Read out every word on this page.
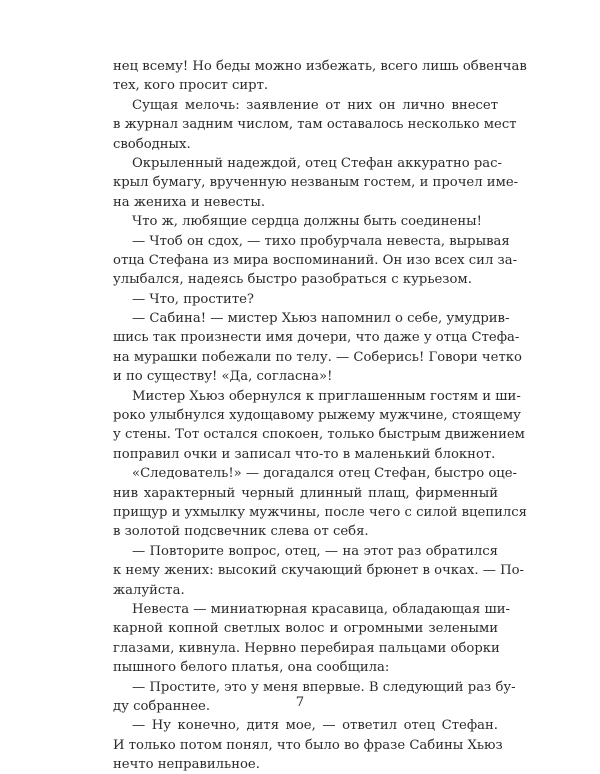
нец всему! Но беды можно избежать, всего лишь обвенчав
тех, кого просит сирт.
Сущая мелочь: заявление от них он лично внесет
в журнал задним числом, там оставалось несколько мест
свободных.
Окрыленный надеждой, отец Стефан аккуратно рас-
крыл бумагу, врученную незваным гостем, и прочел име-
на жениха и невесты.
Что ж, любящие сердца должны быть соединены!
— Чтоб он сдох, — тихо пробурчала невеста, вырывая
отца Стефана из мира воспоминаний. Он изо всех сил за-
улыбался, надеясь быстро разобраться с курьезом.
— Что, простите?
— Сабина! — мистер Хьюз напомнил о себе, умудрив-
шись так произнести имя дочери, что даже у отца Стефа-
на мурашки побежали по телу. — Соберись! Говори четко
и по существу! «Да, согласна»!
Мистер Хьюз обернулся к приглашенным гостям и ши-
роко улыбнулся худощавому рыжему мужчине, стоящему
у стены. Тот остался спокоен, только быстрым движением
поправил очки и записал что-то в маленький блокнот.
«Следователь!» — догадался отец Стефан, быстро оце-
нив характерный черный длинный плащ, фирменный
прищур и ухмылку мужчины, после чего с силой вцепился
в золотой подсвечник слева от себя.
— Повторите вопрос, отец, — на этот раз обратился
к нему жених: высокий скучающий брюнет в очках. — По-
жалуйста.
Невеста — миниатюрная красавица, обладающая ши-
карной копной светлых волос и огромными зелеными
глазами, кивнула. Нервно перебирая пальцами оборки
пышного белого платья, она сообщила:
— Простите, это у меня впервые. В следующий раз бу-
ду собраннее.
— Ну конечно, дитя мое, — ответил отец Стефан.
И только потом понял, что было во фразе Сабины Хьюз
нечто неправильное.
7
